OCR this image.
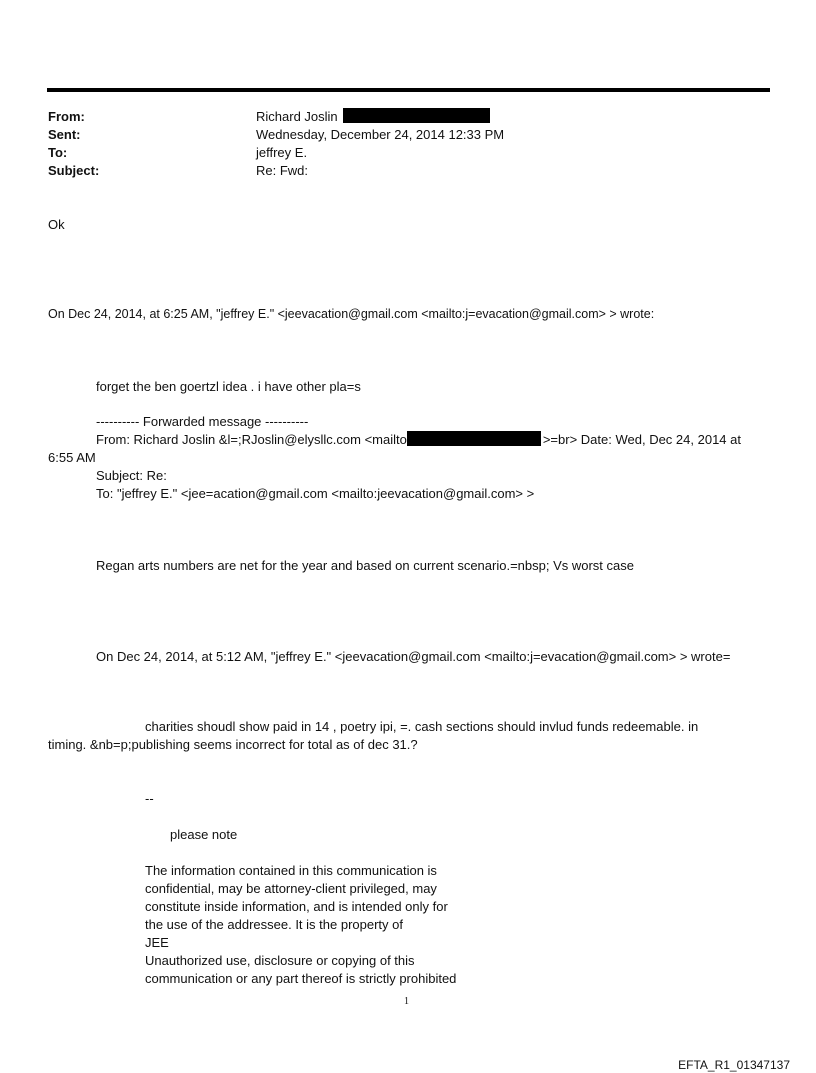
From:	Richard Joslin
Sent:	Wednesday, December 24, 2014 12:33 PM
To:	jeffrey E.
Subject:	Re: Fwd:
Ok
On Dec 24, 2014, at 6:25 AM, "jeffrey E." <jeevacation@gmail.com <mailto:j=evacation@gmail.com> > wrote:
forget the ben goertzl idea . i have other pla=s
---------- Forwarded message ----------
From: Richard Joslin &l=;RJoslin@elysllc.com <mailto	>=br> Date: Wed, Dec 24, 2014 at
6:55 AM
Subject: Re:
To: "jeffrey E." <jee=acation@gmail.com <mailto:jeevacation@gmail.com> >
Regan arts numbers are net for the year and based on current scenario.=nbsp; Vs worst case
On Dec 24, 2014, at 5:12 AM, "jeffrey E." <jeevacation@gmail.com <mailto:j=evacation@gmail.com> > wrote=
charities shoudl show paid in 14 , poetry ipi, =. cash sections should invlud funds redeemable. in
timing. &nb=p;publishing seems incorrect for total as of dec 31.?
--
please note
The information contained in this communication is
confidential, may be attorney-client privileged, may
constitute inside information, and is intended only for
the use of the addressee. It is the property of
JEE
Unauthorized use, disclosure or copying of this
communication or any part thereof is strictly prohibited
1
EFTA_R1_01347137
